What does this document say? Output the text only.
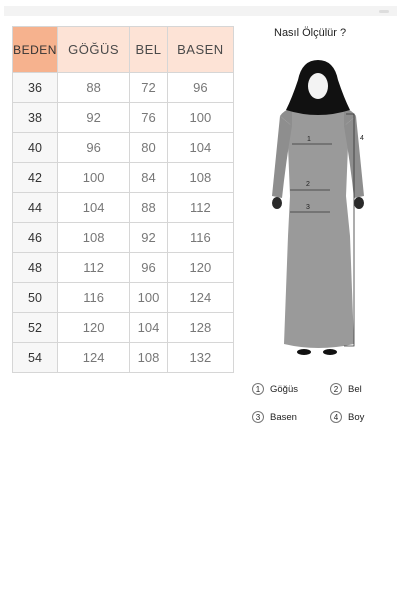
BEDEN	GÖĞÜS	BEL	BASEN
36	88	72	96
38	92	76	100
40	96	80	104
42	100	84	108
44	104	88	112
46	108	92	116
48	112	96	120
50	116	100	124
52	120	104	128
54	124	108	132
Nasıl Ölçülür ?
1
2
3
4
1	Göğüs	2	Bel
3	Basen	4	Boy
